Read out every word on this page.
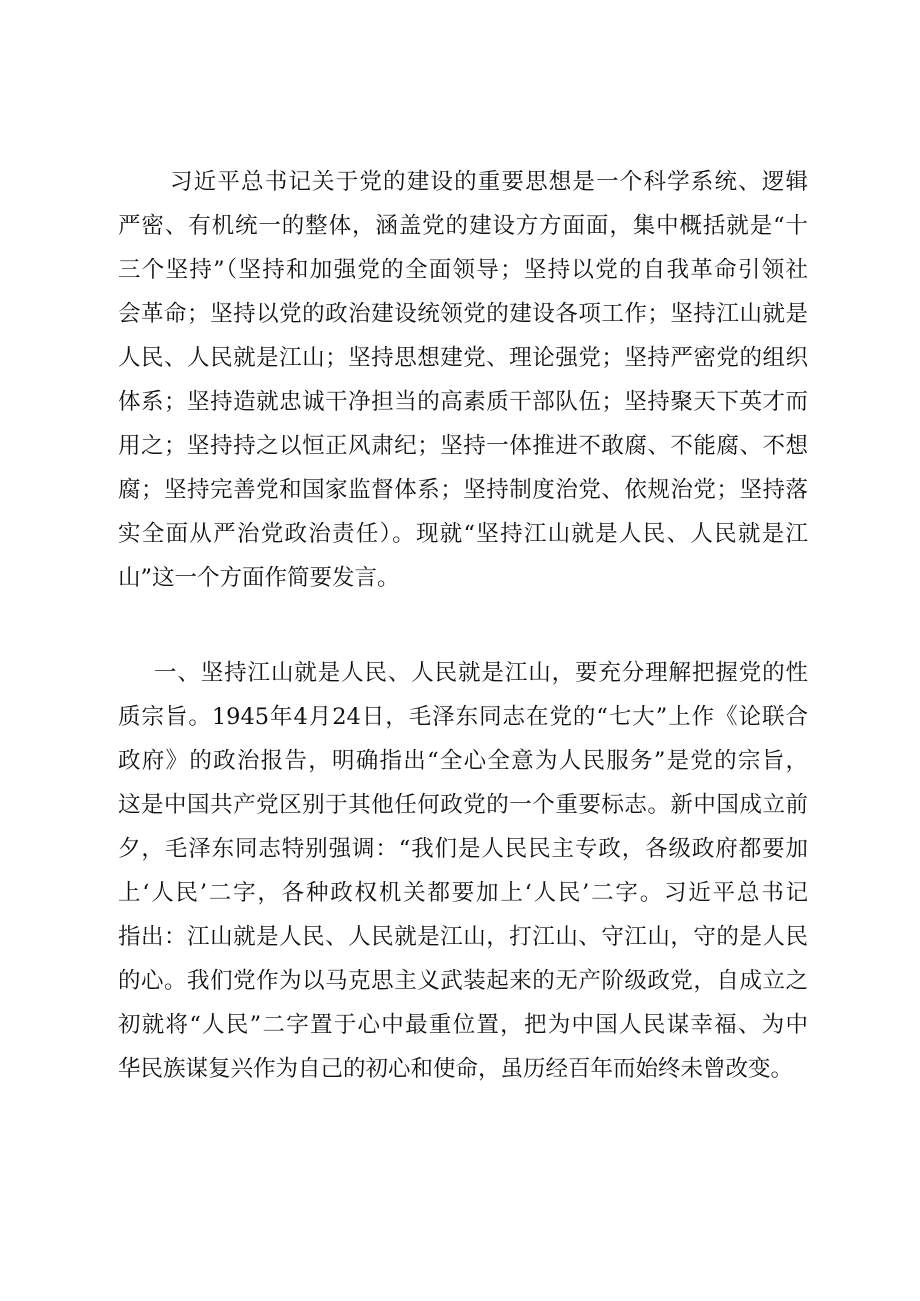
习近平总书记关于党的建设的重要思想是一个科学系统、逻辑
严密、有机统一的整体，涵盖党的建设方方面面，集中概括就是“十
三个坚持”（坚持和加强党的全面领导；坚持以党的自我革命引领社
会革命；坚持以党的政治建设统领党的建设各项工作；坚持江山就是
人民、人民就是江山；坚持思想建党、理论强党；坚持严密党的组织
体系；坚持造就忠诚干净担当的高素质干部队伍；坚持聚天下英才而
用之；坚持持之以恒正风肃纪；坚持一体推进不敢腐、不能腐、不想
腐；坚持完善党和国家监督体系；坚持制度治党、依规治党；坚持落
实全面从严治党政治责任）。现就“坚持江山就是人民、人民就是江
山”这一个方面作简要发言。
一、坚持江山就是人民、人民就是江山，要充分理解把握党的性
质宗旨。1945年4月24日，毛泽东同志在党的“七大”上作《论联合
政府》的政治报告，明确指出“全心全意为人民服务”是党的宗旨，
这是中国共产党区别于其他任何政党的一个重要标志。新中国成立前
夕，毛泽东同志特别强调：“我们是人民民主专政，各级政府都要加
上‘人民’二字，各种政权机关都要加上‘人民’二字。习近平总书记
指出：江山就是人民、人民就是江山，打江山、守江山，守的是人民
的心。我们党作为以马克思主义武装起来的无产阶级政党，自成立之
初就将“人民”二字置于心中最重位置，把为中国人民谋幸福、为中
华民族谋复兴作为自己的初心和使命，虽历经百年而始终未曾改变。
